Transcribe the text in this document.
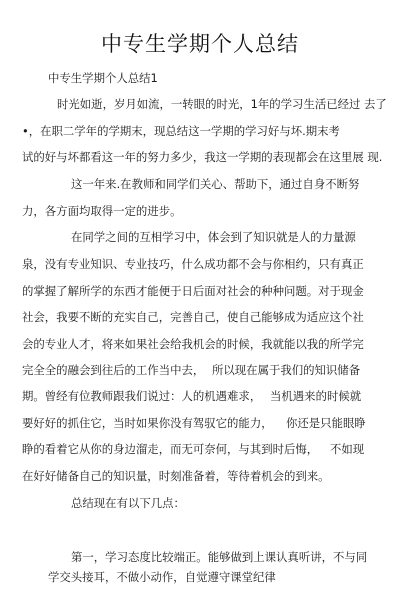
中专生学期个人总结
中专生学期个人总结1
时光如逝，岁月如流，一转眼的时光，1年的学习生活已经过 去了
•，在职二学年的学期末，现总结这一学期的学习好与坏.期末考
试的好与坏都看这一年的努力多少，我这一学期的表现都会在这里展 现.
这一年来.在教师和同学们关心、帮助下，通过自身不断努
力，各方面均取得一定的进步。
在同学之间的互相学习中，体会到了知识就是人的力量源
泉，没有专业知识、专业技巧，什么成功都不会与你相约，只有真正
的掌握了解所学的东西才能便于日后面对社会的种种问题。对于现金
社会，我要不断的充实自己，完善自己，使自己能够成为适应这个社
会的专业人才，将来如果社会给我机会的时候，我就能以我的所学完
完全全的融会到往后的工作当中去， 所以现在属于我们的知识储备
期。曾经有位教师跟我们说过：人的机遇难求， 当机遇来的时候就
要好好的抓住它，当时如果你没有驾驭它的能力， 你还是只能眼睁
睁的看着它从你的身边溜走，而无可奈何，与其到时后悔， 不如现
在好好储备自己的知识量，时刻准备着，等待着机会的到来。
总结现在有以下几点：
第一，学习态度比较端正。能够做到上课认真听讲，不与同
学交头接耳，不做小动作，自觉遵守课堂纪律
